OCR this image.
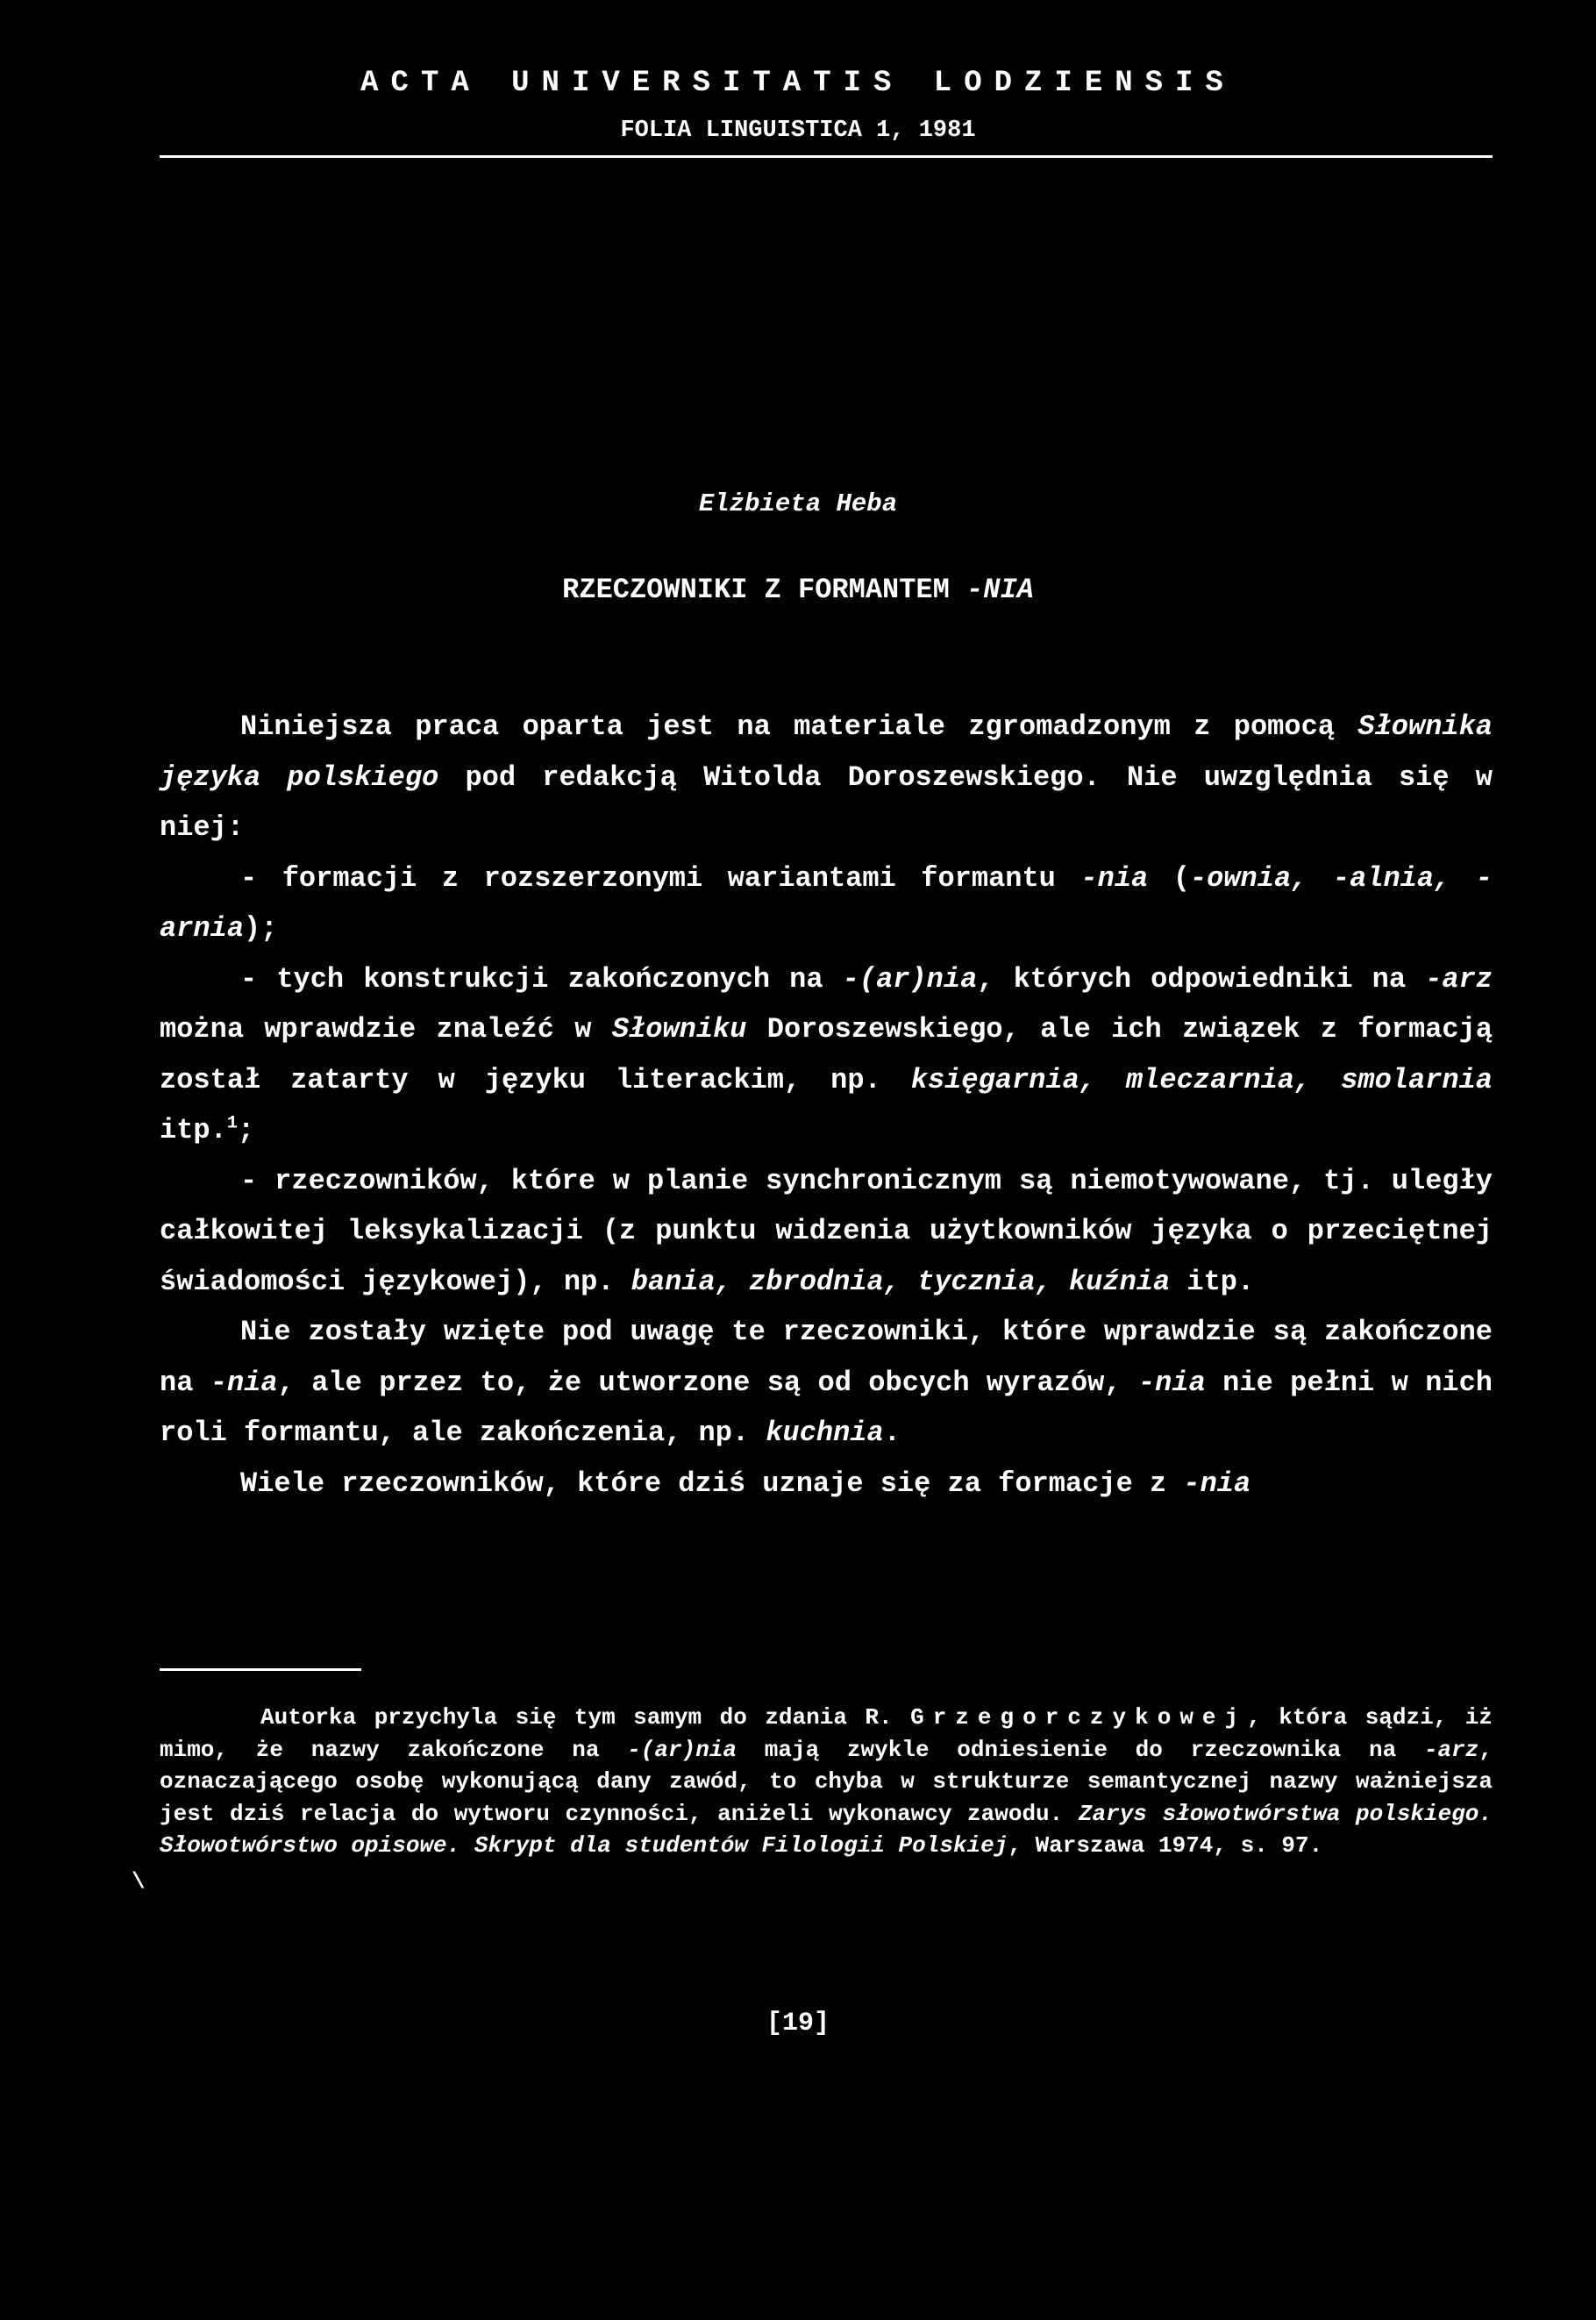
ACTA UNIVERSITATIS LODZIENSIS
FOLIA LINGUISTICA 1, 1981
Elżbieta Heba
RZECZOWNIKI Z FORMANTEM -NIA

Niniejsza praca oparta jest na materiale zgromadzonym z pomocą Słownika języka polskiego pod redakcją Witolda Doroszewskiego. Nie uwzględnia się w niej:

- formacji z rozszerzonymi wariantami formantu -nia (-ownia, -alnia, -arnia);

- tych konstrukcji zakończonych na -(ar)nia, których odpowiedniki na -arz można wprawdzie znaleźć w Słowniku Doroszewskiego, ale ich związek z formacją został zatarty w języku literackim, np. księgarnia, mleczarnia, smolarnia itp.$^1$;

- rzeczowników, które w planie synchronicznym są niemotywowane, tj. uległy całkowitej leksykalizacji (z punktu widzenia użytkowników języka o przeciętnej świadomości językowej), np. bania, zbrodnia, tycznia, kuźnia itp.

Nie zostały wzięte pod uwagę te rzeczowniki, które wprawdzie są zakończone na -nia, ale przez to, że utworzone są od obcych wyrazów, -nia nie pełni w nich roli formantu, ale zakończenia, np. kuchnia.

Wiele rzeczowników, które dziś uznaje się za formacje z -nia

Autorka przychyla się tym samym do zdania R. Grzegorczykowej, która sądzi, iż mimo, że nazwy zakończone na -(ar)nia mają zwykle odniesienie do rzeczownika na -arz, oznaczającego osobę wykonującą dany zawód, to chyba w strukturze semantycznej nazwy ważniejsza jest dziś relacja do wytworu czynności, aniżeli wykonawcy zawodu. Zarys słowotwórstwa polskiego. Słowotwórstwo opisowe. Skrypt dla studentów Filologii Polskiej, Warszawa 1974, s. 97.

\
[19]
